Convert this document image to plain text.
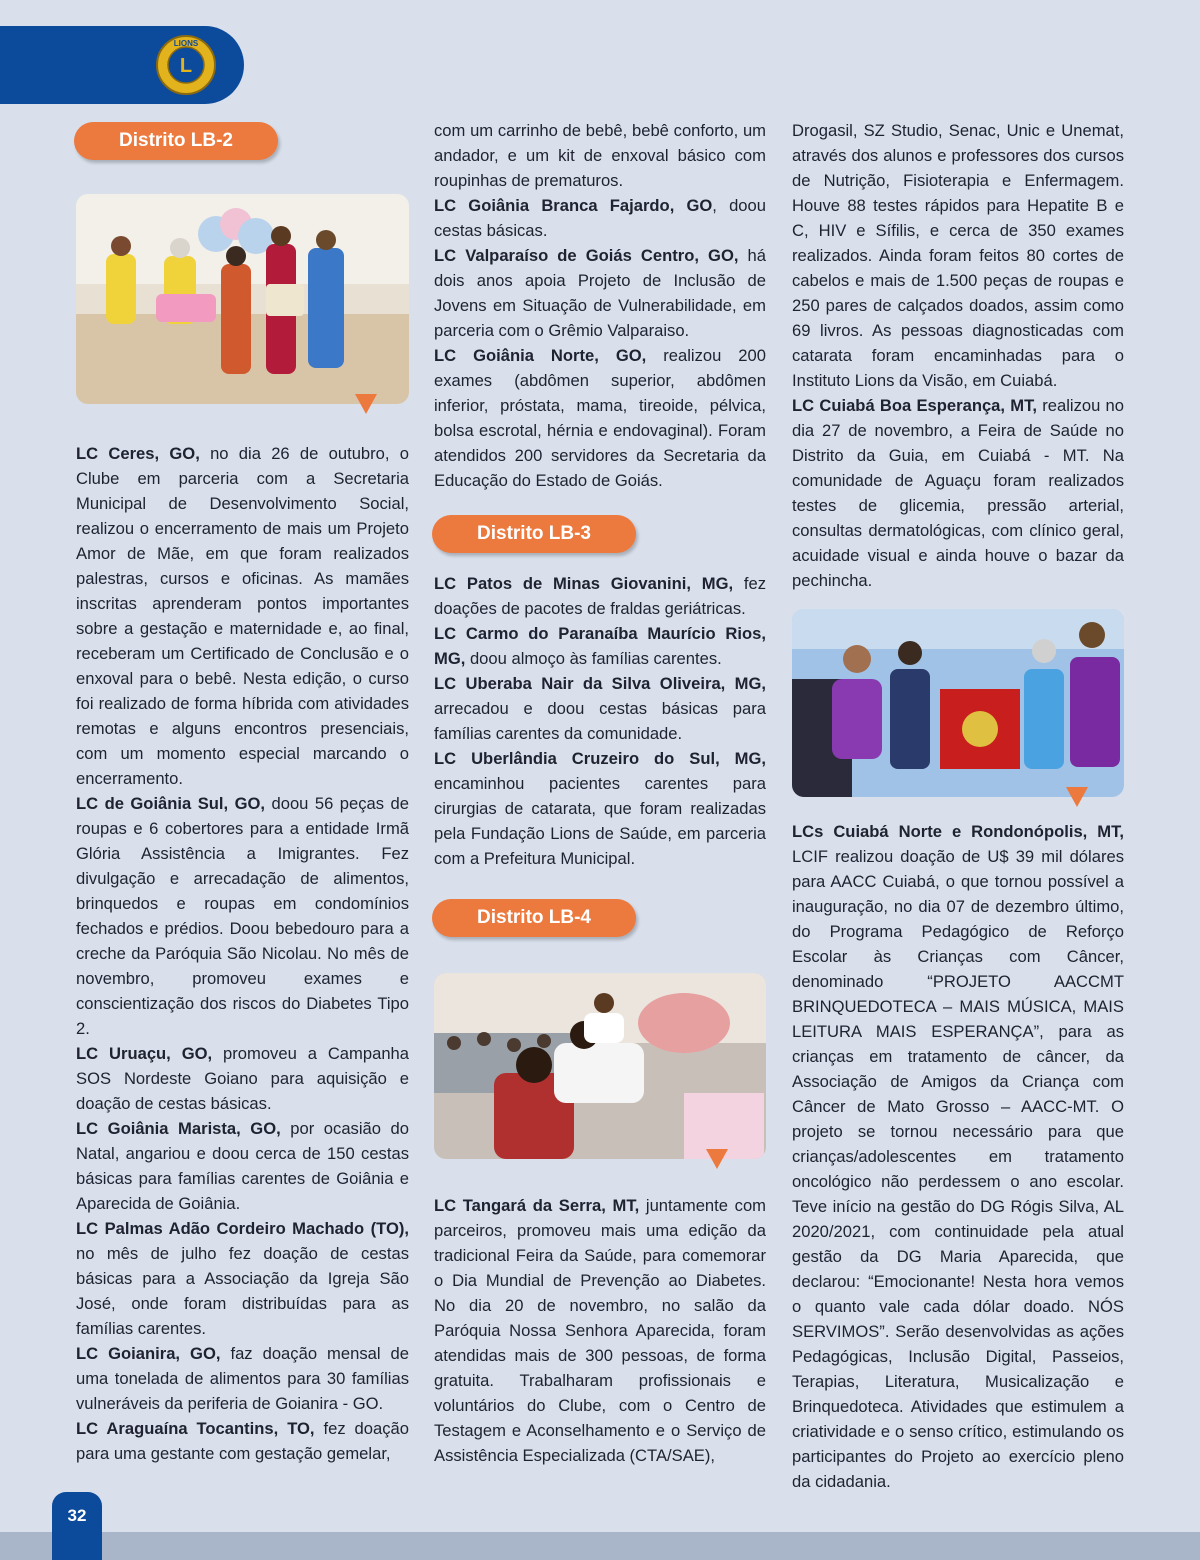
LIONS
L
Distrito LB-2

LC Ceres, GO, no dia 26 de outubro, o Clube em parceria com a Secretaria Municipal de Desenvolvimento Social, realizou o encerramento de mais um Projeto Amor de Mãe, em que foram realizados palestras, cursos e oficinas. As mamães inscritas aprenderam pontos importantes sobre a gestação e maternidade e, ao final, receberam um Certificado de Conclusão e o enxoval para o bebê. Nesta edição, o curso foi realizado de forma híbrida com atividades remotas e alguns encontros presenciais, com um momento especial marcando o encerramento.

LC de Goiânia Sul, GO, doou 56 peças de roupas e 6 cobertores para a entidade Irmã Glória Assistência a Imigrantes. Fez divulgação e arrecadação de alimentos, brinquedos e roupas em condomínios fechados e prédios. Doou bebedouro para a creche da Paróquia São Nicolau. No mês de novembro, promoveu exames e conscientização dos riscos do Diabetes Tipo 2.

LC Uruaçu, GO, promoveu a Campanha SOS Nordeste Goiano para aquisição e doação de cestas básicas.

LC Goiânia Marista, GO, por ocasião do Natal, angariou e doou cerca de 150 cestas básicas para famílias carentes de Goiânia e Aparecida de Goiânia.

LC Palmas Adão Cordeiro Machado (TO), no mês de julho fez doação de cestas básicas para a Associação da Igreja São José, onde foram distribuídas para as famílias carentes.

LC Goianira, GO, faz doação mensal de uma tonelada de alimentos para 30 famílias vulneráveis da periferia de Goianira - GO.

LC Araguaína Tocantins, TO, fez doação para uma gestante com gestação gemelar,

com um carrinho de bebê, bebê conforto, um andador, e um kit de enxoval básico com roupinhas de prematuros.

LC Goiânia Branca Fajardo, GO, doou cestas básicas.

LC Valparaíso de Goiás Centro, GO, há dois anos apoia Projeto de Inclusão de Jovens em Situação de Vulnerabilidade, em parceria com o Grêmio Valparaiso.

LC Goiânia Norte, GO, realizou 200 exames (abdômen superior, abdômen inferior, próstata, mama, tireoide, pélvica, bolsa escrotal, hérnia e endovaginal). Foram atendidos 200 servidores da Secretaria da Educação do Estado de Goiás.

Distrito LB-3

LC Patos de Minas Giovanini, MG, fez doações de pacotes de fraldas geriátricas.

LC Carmo do Paranaíba Maurício Rios, MG, doou almoço às famílias carentes.

LC Uberaba Nair da Silva Oliveira, MG, arrecadou e doou cestas básicas para famílias carentes da comunidade.

LC Uberlândia Cruzeiro do Sul, MG, encaminhou pacientes carentes para cirurgias de catarata, que foram realizadas pela Fundação Lions de Saúde, em parceria com a Prefeitura Municipal.

Distrito LB-4

LC Tangará da Serra, MT, juntamente com parceiros, promoveu mais uma edição da tradicional Feira da Saúde, para comemorar o Dia Mundial de Prevenção ao Diabetes. No dia 20 de novembro, no salão da Paróquia Nossa Senhora Aparecida, foram atendidas mais de 300 pessoas, de forma gratuita. Trabalharam profissionais e voluntários do Clube, com o Centro de Testagem e Aconselhamento e o Serviço de Assistência Especializada (CTA/SAE),

Drogasil, SZ Studio, Senac, Unic e Unemat, através dos alunos e professores dos cursos de Nutrição, Fisioterapia e Enfermagem. Houve 88 testes rápidos para Hepatite B e C, HIV e Sífilis, e cerca de 350 exames realizados. Ainda foram feitos 80 cortes de cabelos e mais de 1.500 peças de roupas e 250 pares de calçados doados, assim como 69 livros. As pessoas diagnosticadas com catarata foram encaminhadas para o Instituto Lions da Visão, em Cuiabá.

LC Cuiabá Boa Esperança, MT, realizou no dia 27 de novembro, a Feira de Saúde no Distrito da Guia, em Cuiabá - MT. Na comunidade de Aguaçu foram realizados testes de glicemia, pressão arterial, consultas dermatológicas, com clínico geral, acuidade visual e ainda houve o bazar da pechincha.

LCs Cuiabá Norte e Rondonópolis, MT, LCIF realizou doação de U$ 39 mil dólares para AACC Cuiabá, o que tornou possível a inauguração, no dia 07 de dezembro último, do Programa Pedagógico de Reforço Escolar às Crianças com Câncer, denominado “PROJETO AACCMT BRINQUEDOTECA – MAIS MÚSICA, MAIS LEITURA MAIS ESPERANÇA”, para as crianças em tratamento de câncer, da Associação de Amigos da Criança com Câncer de Mato Grosso – AACC-MT. O projeto se tornou necessário para que crianças/adolescentes em tratamento oncológico não perdessem o ano escolar. Teve início na gestão do DG Rógis Silva, AL 2020/2021, com continuidade pela atual gestão da DG Maria Aparecida, que declarou: “Emocionante! Nesta hora vemos o quanto vale cada dólar doado. NÓS SERVIMOS”. Serão desenvolvidas as ações Pedagógicas, Inclusão Digital, Passeios, Terapias, Literatura, Musicalização e Brinquedoteca. Atividades que estimulem a criatividade e o senso crítico, estimulando os participantes do Projeto ao exercício pleno da cidadania.

32
